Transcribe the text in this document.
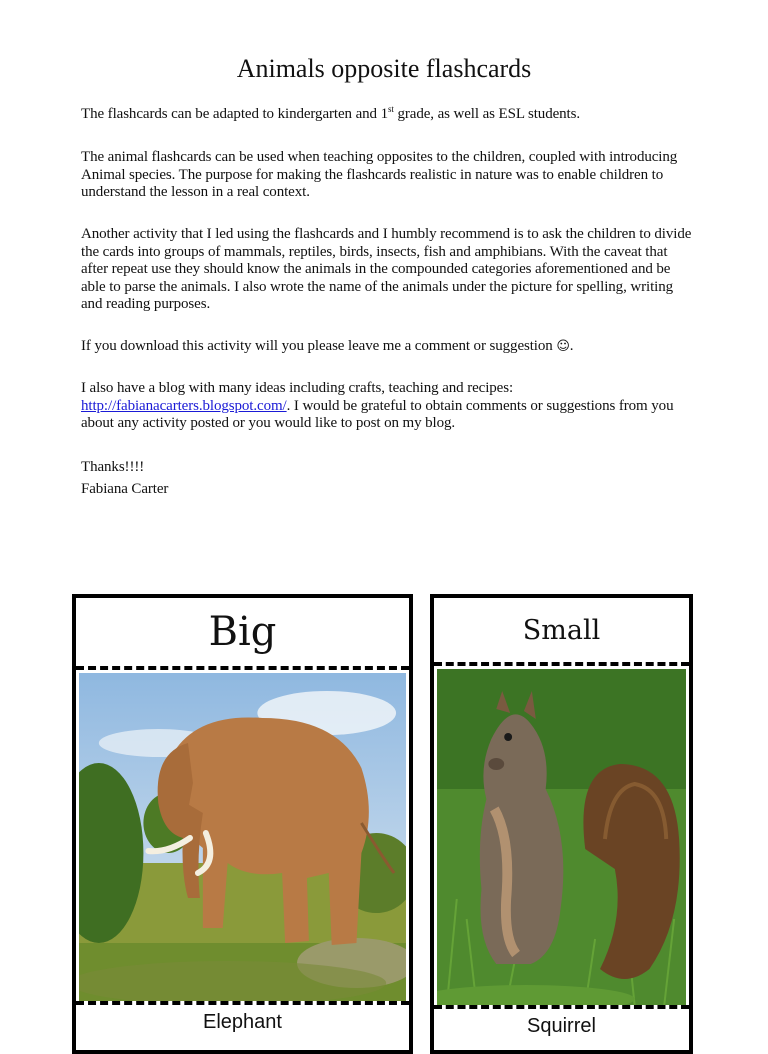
Animals opposite flashcards

The flashcards can be adapted to kindergarten and 1st grade, as well as ESL students.

The animal flashcards can be used when teaching opposites to the children, coupled with introducing Animal species. The purpose for making the flashcards realistic in nature was to enable children to understand the lesson in a real context.

Another activity that I led using the flashcards and I humbly recommend is to ask the children to divide the cards into groups of mammals, reptiles, birds, insects, fish and amphibians. With the caveat that after repeat use they should know the animals in the compounded categories aforementioned and be able to parse the animals. I also wrote the name of the animals under the picture for spelling, writing and reading purposes.

If you download this activity will you please leave me a comment or suggestion ☺.

I also have a blog with many ideas including crafts, teaching and recipes: http://fabianacarters.blogspot.com/. I would be grateful to obtain comments or suggestions from you about any activity posted or you would like to post on my blog.

Thanks!!!!
Fabiana Carter

Big
Elephant
Small
Squirrel
